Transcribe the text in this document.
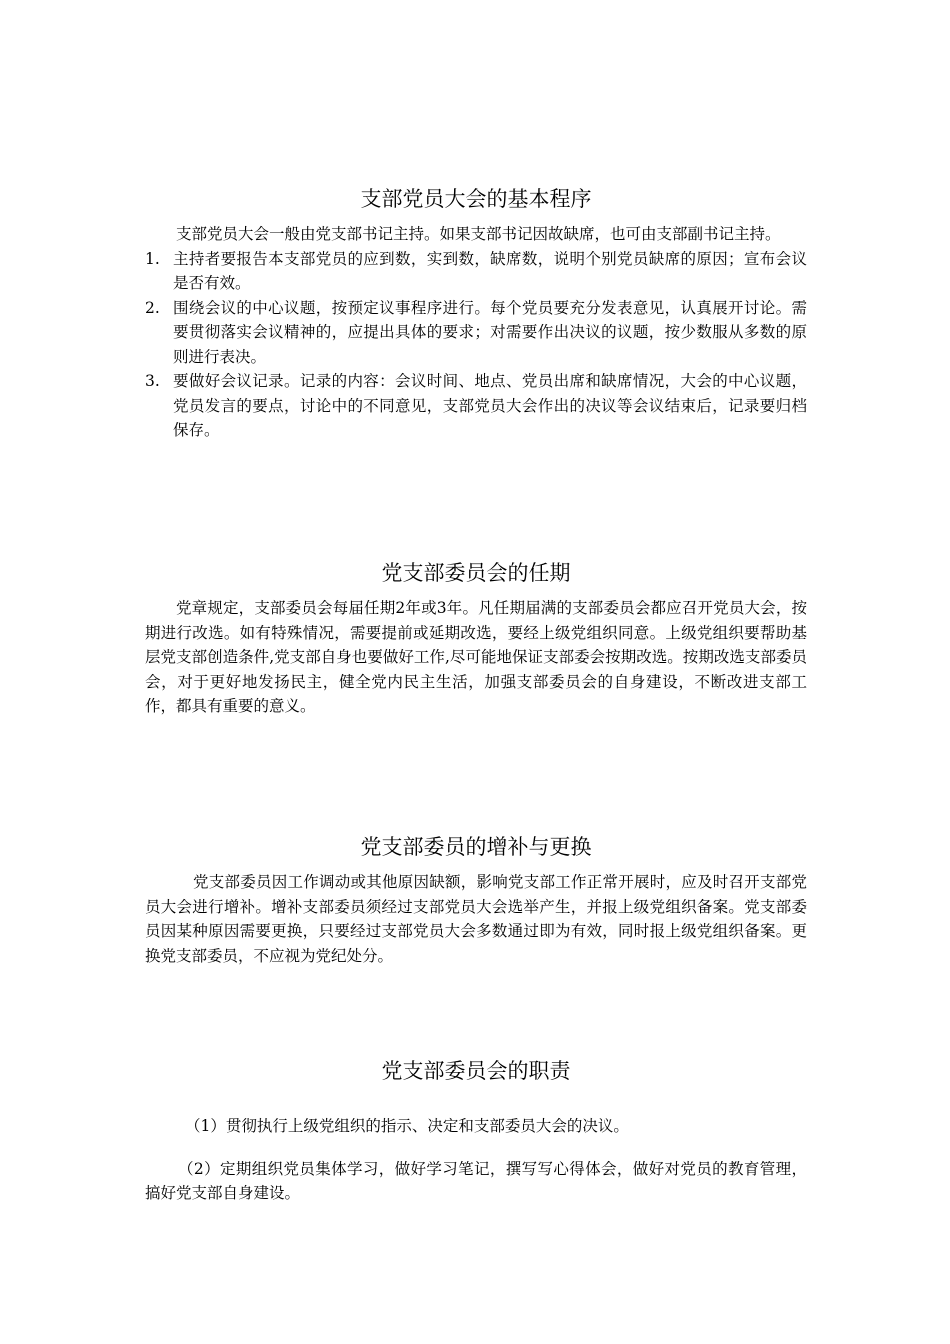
支部党员大会的基本程序

支部党员大会一般由党支部书记主持。如果支部书记因故缺席，也可由支部副书记主持。

1. 主持者要报告本支部党员的应到数，实到数，缺席数，说明个别党员缺席的原因；宣布会议是否有效。
2. 围绕会议的中心议题，按预定议事程序进行。每个党员要充分发表意见，认真展开讨论。需要贯彻落实会议精神的，应提出具体的要求；对需要作出决议的议题，按少数服从多数的原则进行表决。
3. 要做好会议记录。记录的内容：会议时间、地点、党员出席和缺席情况，大会的中心议题，党员发言的要点，讨论中的不同意见，支部党员大会作出的决议等会议结束后，记录要归档保存。
党支部委员会的任期

党章规定，支部委员会每届任期2年或3年。凡任期届满的支部委员会都应召开党员大会，按期进行改选。如有特殊情况，需要提前或延期改选，要经上级党组织同意。上级党组织要帮助基层党支部创造条件,党支部自身也要做好工作,尽可能地保证支部委会按期改选。按期改选支部委员会，对于更好地发扬民主，健全党内民主生活，加强支部委员会的自身建设，不断改进支部工作，都具有重要的意义。

党支部委员的增补与更换

党支部委员因工作调动或其他原因缺额，影响党支部工作正常开展时，应及时召开支部党员大会进行增补。增补支部委员须经过支部党员大会选举产生，并报上级党组织备案。党支部委员因某种原因需要更换，只要经过支部党员大会多数通过即为有效，同时报上级党组织备案。更换党支部委员，不应视为党纪处分。

党支部委员会的职责

（1）贯彻执行上级党组织的指示、决定和支部委员大会的决议。

（2）定期组织党员集体学习，做好学习笔记，撰写写心得体会，做好对党员的教育管理，搞好党支部自身建设。
